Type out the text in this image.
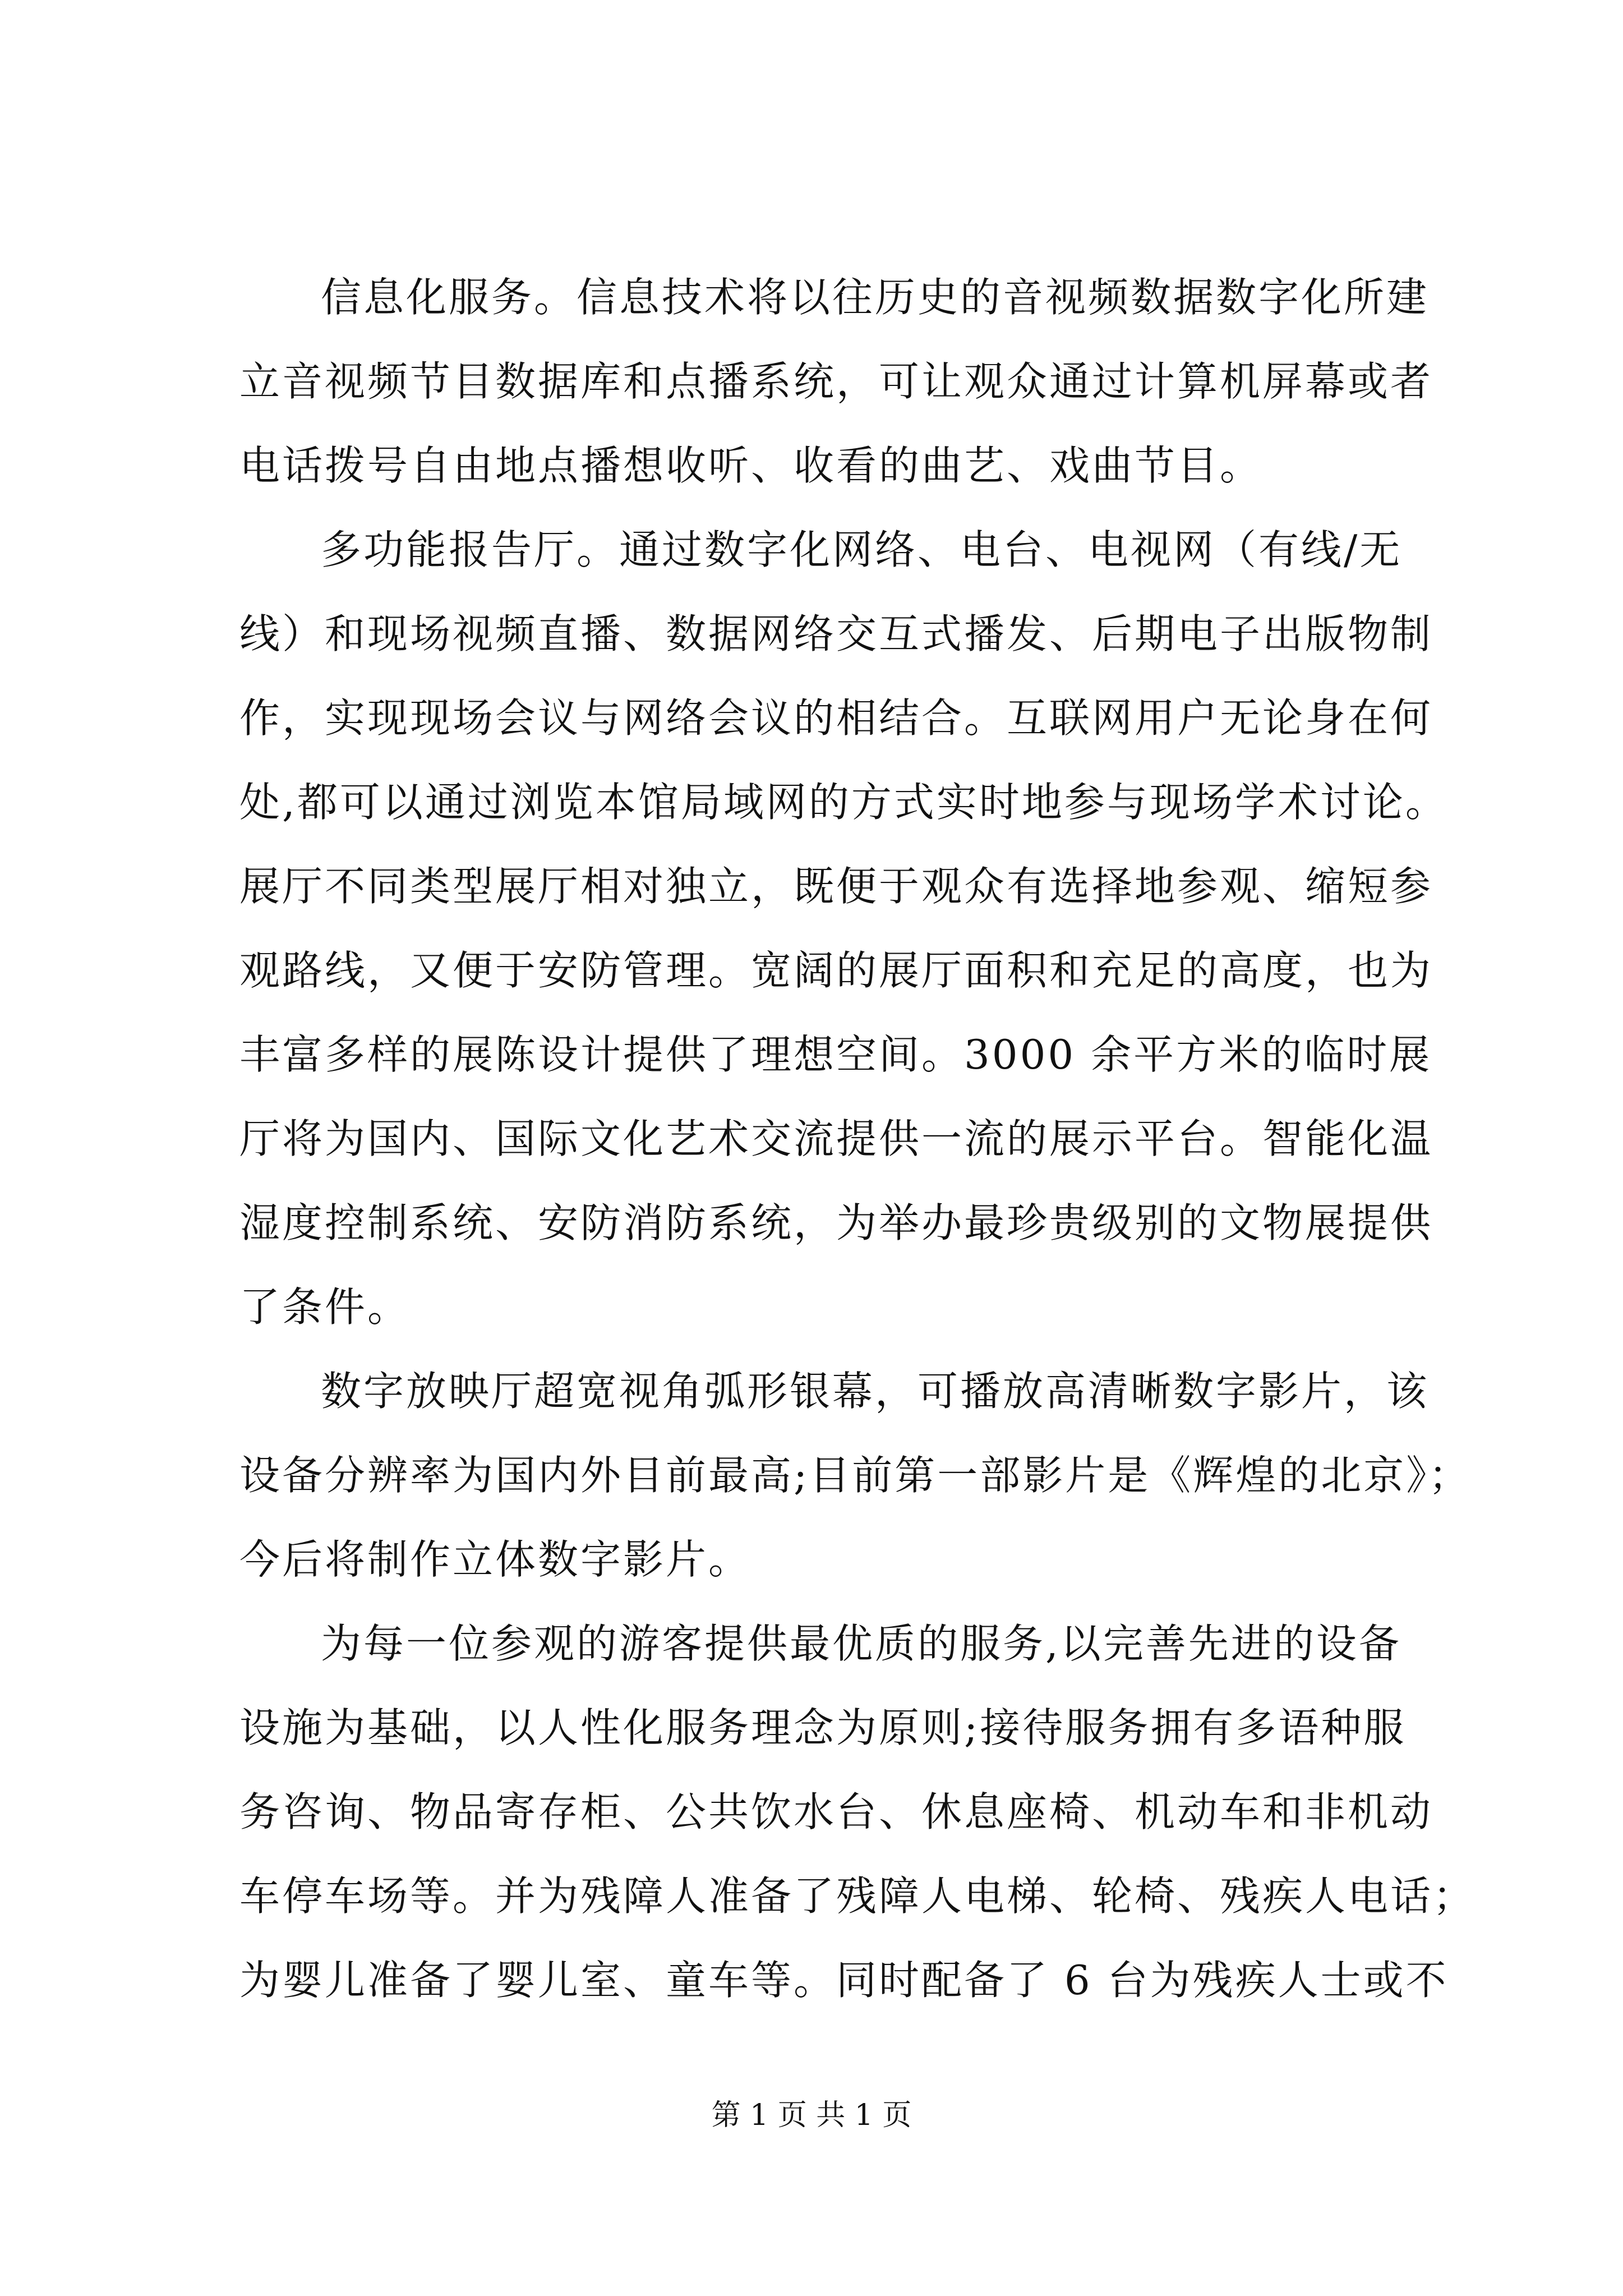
信息化服务。信息技术将以往历史的音视频数据数字化所建
立音视频节目数据库和点播系统，可让观众通过计算机屏幕或者
电话拨号自由地点播想收听、收看的曲艺、戏曲节目。
多功能报告厅。通过数字化网络、电台、电视网（有线/无
线）和现场视频直播、数据网络交互式播发、后期电子出版物制
作，实现现场会议与网络会议的相结合。互联网用户无论身在何
处,都可以通过浏览本馆局域网的方式实时地参与现场学术讨论。
展厅不同类型展厅相对独立，既便于观众有选择地参观、缩短参
观路线，又便于安防管理。宽阔的展厅面积和充足的高度，也为
丰富多样的展陈设计提供了理想空间。3000 余平方米的临时展
厅将为国内、国际文化艺术交流提供一流的展示平台。智能化温
湿度控制系统、安防消防系统，为举办最珍贵级别的文物展提供
了条件。
数字放映厅超宽视角弧形银幕，可播放高清晰数字影片，该
设备分辨率为国内外目前最高;目前第一部影片是《辉煌的北京》；
今后将制作立体数字影片。
为每一位参观的游客提供最优质的服务,以完善先进的设备
设施为基础，以人性化服务理念为原则;接待服务拥有多语种服
务咨询、物品寄存柜、公共饮水台、休息座椅、机动车和非机动
车停车场等。并为残障人准备了残障人电梯、轮椅、残疾人电话；
为婴儿准备了婴儿室、童车等。同时配备了 6 台为残疾人士或不
第 1 页 共 1 页
